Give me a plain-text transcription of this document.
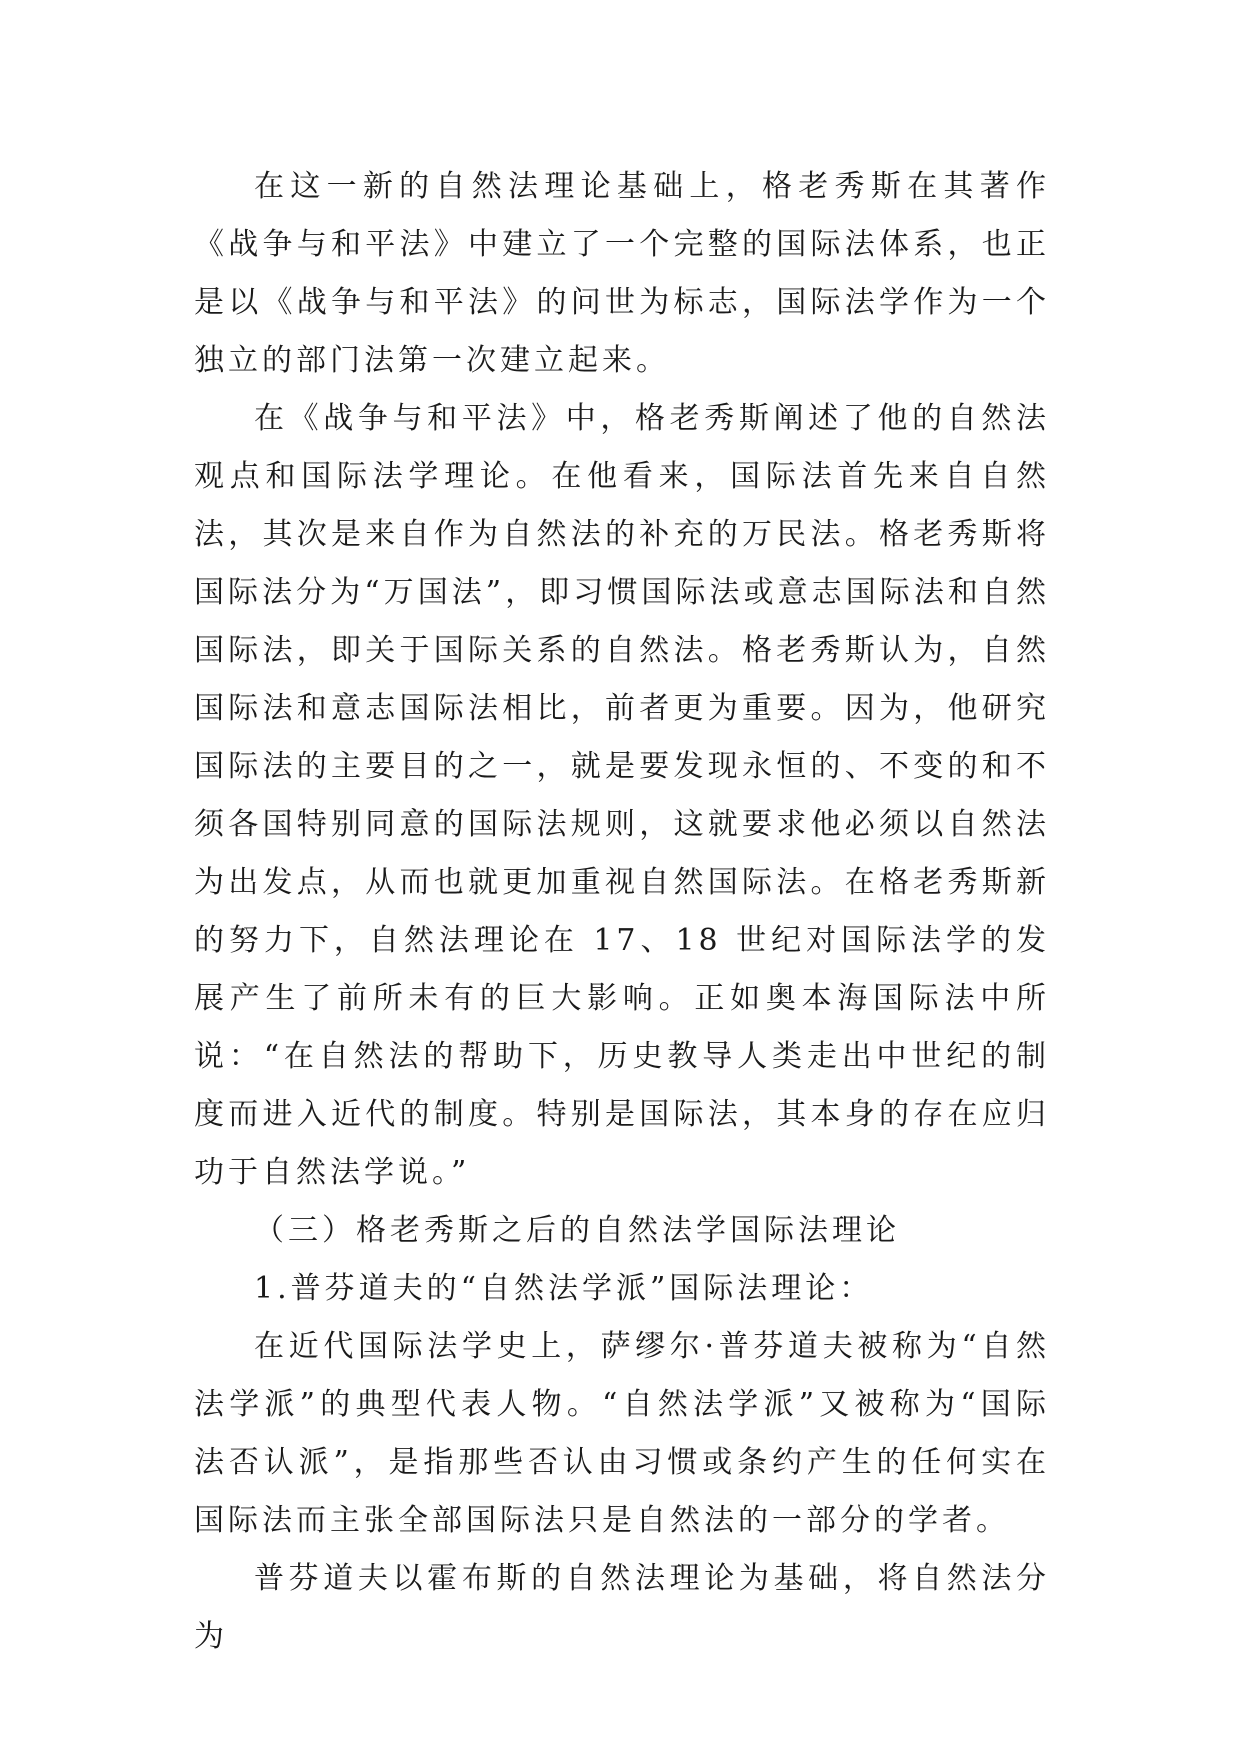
在这一新的自然法理论基础上，格老秀斯在其著作《战争与和平法》中建立了一个完整的国际法体系，也正是以《战争与和平法》的问世为标志，国际法学作为一个独立的部门法第一次建立起来。

在《战争与和平法》中，格老秀斯阐述了他的自然法观点和国际法学理论。在他看来，国际法首先来自自然法，其次是来自作为自然法的补充的万民法。格老秀斯将国际法分为“万国法”，即习惯国际法或意志国际法和自然国际法，即关于国际关系的自然法。格老秀斯认为，自然国际法和意志国际法相比，前者更为重要。因为，他研究国际法的主要目的之一，就是要发现永恒的、不变的和不须各国特别同意的国际法规则，这就要求他必须以自然法为出发点，从而也就更加重视自然国际法。在格老秀斯新的努力下，自然法理论在 17、18 世纪对国际法学的发展产生了前所未有的巨大影响。正如奥本海国际法中所说：“在自然法的帮助下，历史教导人类走出中世纪的制度而进入近代的制度。特别是国际法，其本身的存在应归功于自然法学说。”

（三）格老秀斯之后的自然法学国际法理论

1.普芬道夫的“自然法学派”国际法理论：

在近代国际法学史上，萨缪尔·普芬道夫被称为“自然法学派”的典型代表人物。“自然法学派”又被称为“国际法否认派”，是指那些否认由习惯或条约产生的任何实在国际法而主张全部国际法只是自然法的一部分的学者。

普芬道夫以霍布斯的自然法理论为基础，将自然法分为
